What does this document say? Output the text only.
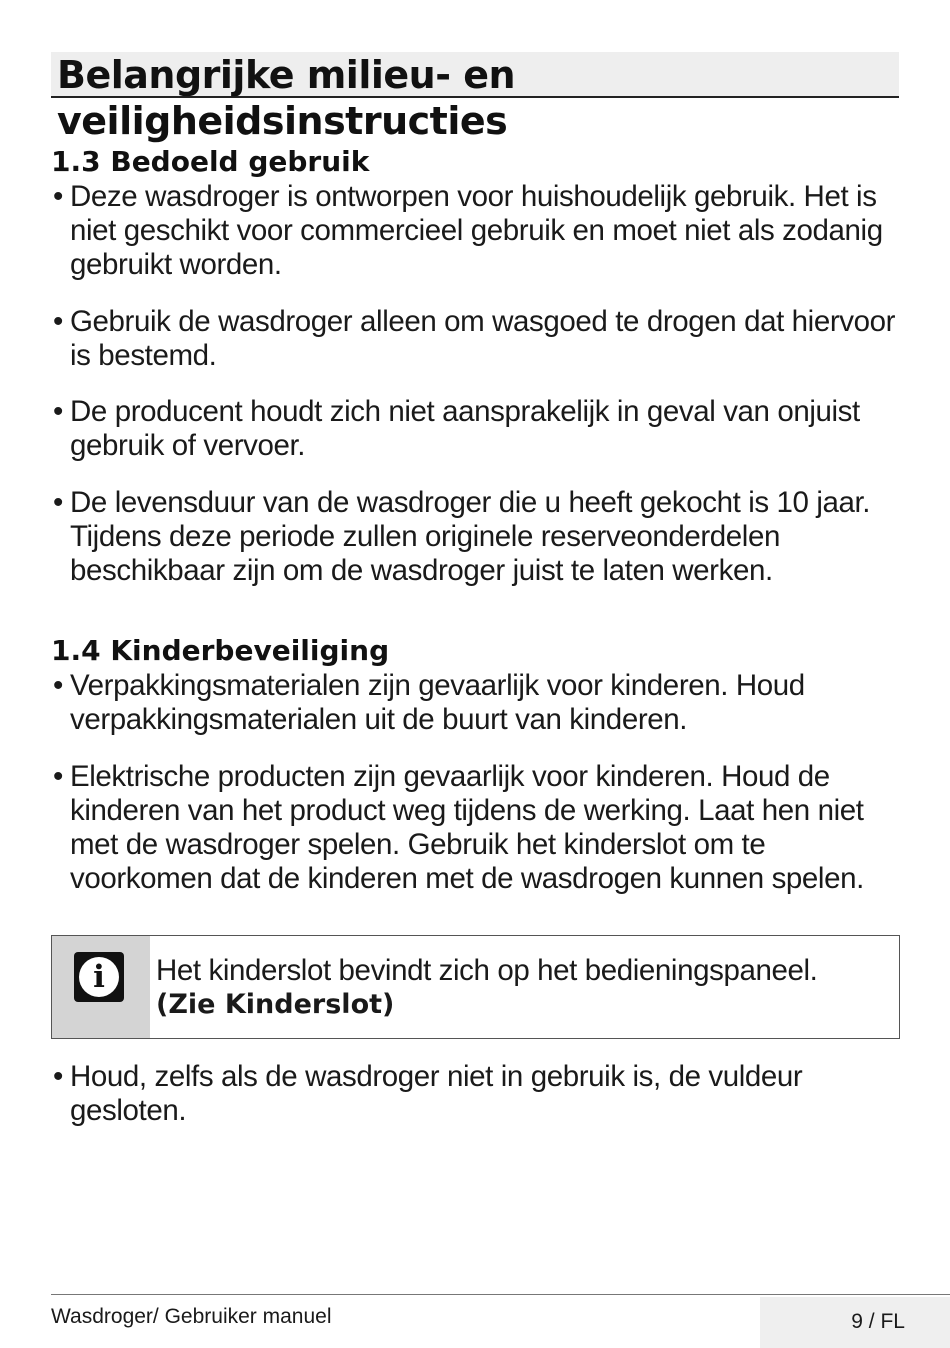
Belangrijke milieu- en veiligheidsinstructies
1.3 Bedoeld gebruik

• Deze wasdroger is ontworpen voor huishoudelijk gebruik. Het is niet geschikt voor commercieel gebruik en moet niet als zodanig gebruikt worden.

• Gebruik de wasdroger alleen om wasgoed te drogen dat hiervoor is bestemd.

• De producent houdt zich niet aansprakelijk in geval van onjuist gebruik of vervoer.

• De levensduur van de wasdroger die u heeft gekocht is 10 jaar. Tijdens deze periode zullen originele reserveonderdelen beschikbaar zijn om de wasdroger juist te laten werken.

1.4 Kinderbeveiliging

• Verpakkingsmaterialen zijn gevaarlijk voor kinderen. Houd verpakkingsmaterialen uit de buurt van kinderen.

• Elektrische producten zijn gevaarlijk voor kinderen. Houd de kinderen van het product weg tijdens de werking. Laat hen niet met de wasdroger spelen. Gebruik het kinderslot om te voorkomen dat de kinderen met de wasdrogen kunnen spelen.

i	Het kinderslot bevindt zich op het bedieningspaneel.
(Zie Kinderslot)

• Houd, zelfs als de wasdroger niet in gebruik is, de vuldeur gesloten.

Wasdroger/ Gebruiker manuel	9 / FL
